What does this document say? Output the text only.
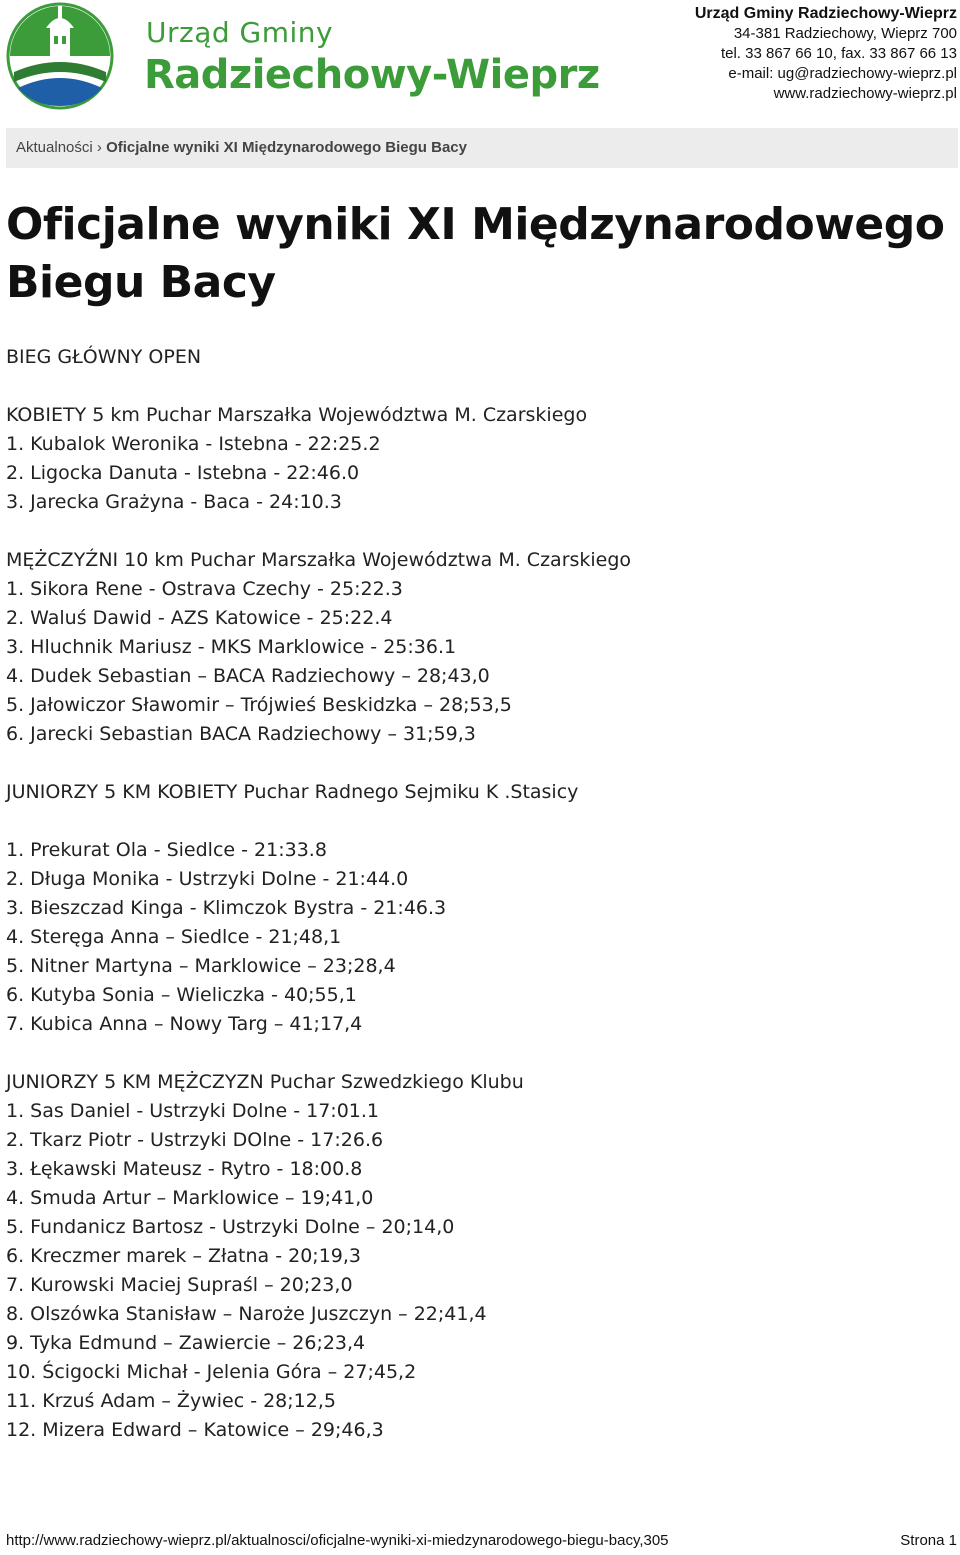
Urząd Gminy
Radziechowy-Wieprz
Urząd Gminy Radziechowy-Wieprz
34-381 Radziechowy, Wieprz 700
tel. 33 867 66 10, fax. 33 867 66 13
e-mail: ug@radziechowy-wieprz.pl
www.radziechowy-wieprz.pl
Aktualności › Oficjalne wyniki XI Międzynarodowego Biegu Bacy
Oficjalne wyniki XI Międzynarodowego Biegu Bacy
BIEG GŁÓWNY OPEN
KOBIETY 5 km Puchar Marszałka Województwa M. Czarskiego
1. Kubalok Weronika - Istebna - 22:25.2
2. Ligocka Danuta - Istebna - 22:46.0
3. Jarecka Grażyna - Baca - 24:10.3
MĘŻCZYŹNI 10 km Puchar Marszałka Województwa M. Czarskiego
1. Sikora Rene - Ostrava Czechy - 25:22.3
2. Waluś Dawid - AZS Katowice - 25:22.4
3. Hluchnik Mariusz - MKS Marklowice - 25:36.1
4. Dudek Sebastian – BACA Radziechowy – 28;43,0
5. Jałowiczor Sławomir – Trójwieś Beskidzka – 28;53,5
6. Jarecki Sebastian BACA Radziechowy – 31;59,3
JUNIORZY 5 KM KOBIETY Puchar Radnego Sejmiku K .Stasicy
1. Prekurat Ola - Siedlce - 21:33.8
2. Długa Monika - Ustrzyki Dolne - 21:44.0
3. Bieszczad Kinga - Klimczok Bystra - 21:46.3
4. Steręga Anna – Siedlce - 21;48,1
5. Nitner Martyna – Marklowice – 23;28,4
6. Kutyba Sonia – Wieliczka - 40;55,1
7. Kubica Anna – Nowy Targ – 41;17,4
JUNIORZY 5 KM MĘŻCZYZN Puchar Szwedzkiego Klubu
1. Sas Daniel - Ustrzyki Dolne - 17:01.1
2. Tkarz Piotr - Ustrzyki DOlne - 17:26.6
3. Łękawski Mateusz - Rytro - 18:00.8
4. Smuda Artur – Marklowice – 19;41,0
5. Fundanicz Bartosz - Ustrzyki Dolne – 20;14,0
6. Kreczmer marek – Złatna - 20;19,3
7. Kurowski Maciej Supraśl – 20;23,0
8. Olszówka Stanisław – Naroże Juszczyn – 22;41,4
9. Tyka Edmund – Zawiercie – 26;23,4
10. Ścigocki Michał - Jelenia Góra – 27;45,2
11. Krzuś Adam – Żywiec - 28;12,5
12. Mizera Edward – Katowice – 29;46,3
http://www.radziechowy-wieprz.pl/aktualnosci/oficjalne-wyniki-xi-miedzynarodowego-biegu-bacy,305	Strona 1
